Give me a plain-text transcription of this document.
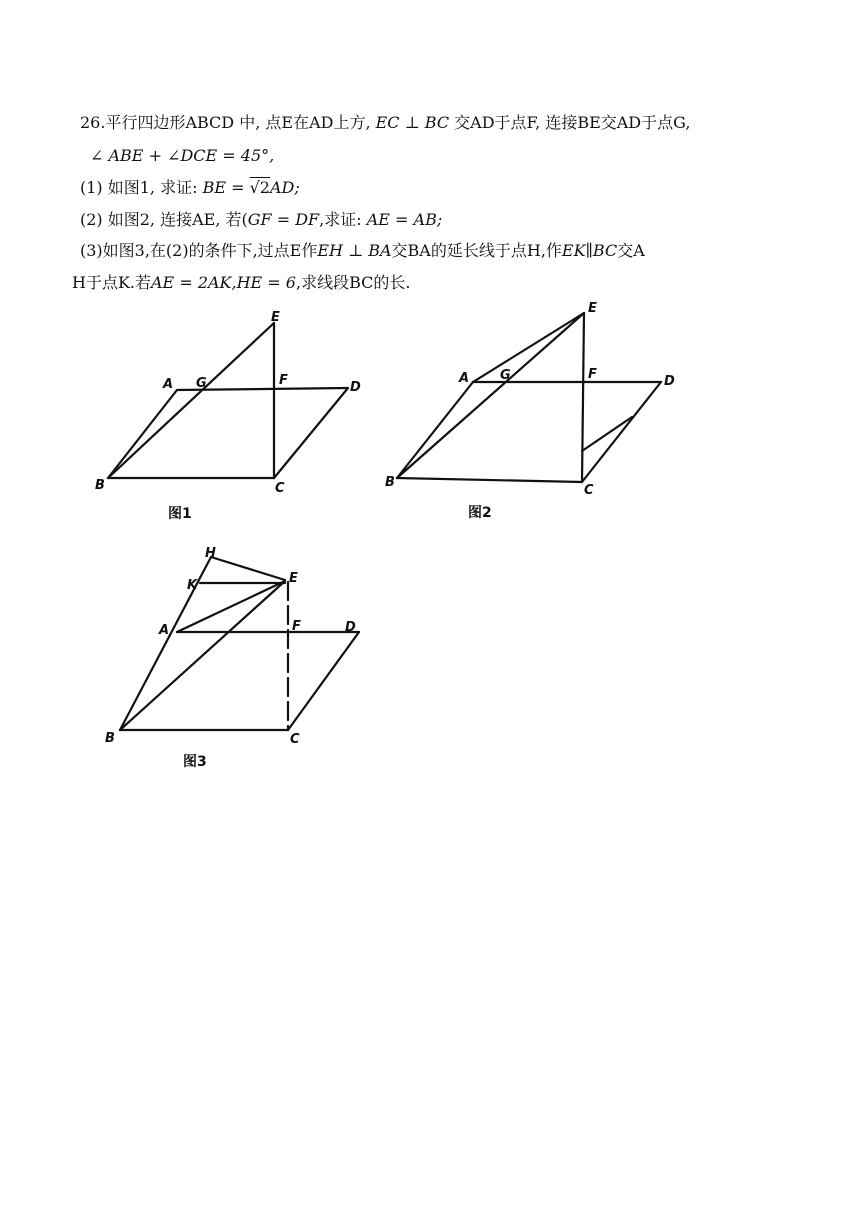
26.平行四边形ABCD 中, 点E在AD上方, EC ⊥ BC 交AD于点F, 连接BE交AD于点G,
∠ ABE + ∠DCE = 45°,
(1) 如图1, 求证: BE = √2AD;
(2) 如图2, 连接AE, 若(GF = DF,求证: AE = AB;
(3)如图3,在(2)的条件下,过点E作EH ⊥ BA交BA的延长线于点H,作EK∥BC交A
H于点K.若AE = 2AK,HE = 6,求线段BC的长.
E
A G	F	D
B	C
图1
E
A G	F	D
B
C
图2
H
E
K
A	F	D
B	C
图3
